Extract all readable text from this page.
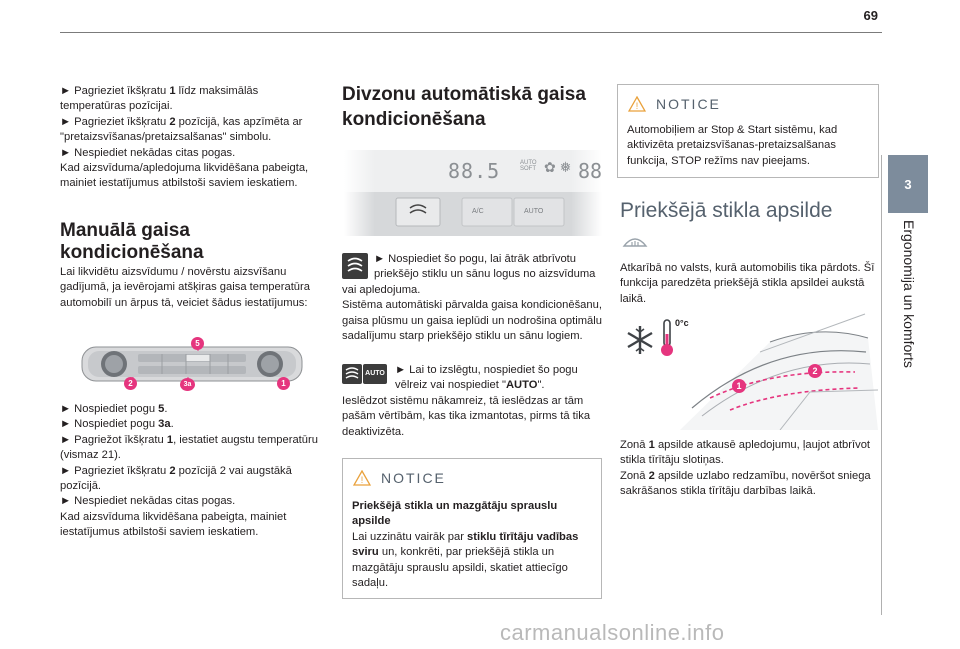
69
3
Ergonomija un komforts

► Pagrieziet īkšķratu 1 līdz maksimālās temperatūras pozīcijai.
► Pagrieziet īkšķratu 2 pozīcijā, kas apzīmēta ar "pretaizsvīšanas/pretaizsalšanas" simbolu.
► Nespiediet nekādas citas pogas.
Kad aizsvīduma/apledojuma likvidēšana pabeigta, mainiet iestatījumus atbilstoši saviem ieskatiem.

Manuālā gaisa

kondicionēšana

Lai likvidētu aizsvīdumu / novērstu aizsvīšanu gadījumā, ja ievērojami atšķiras gaisa temperatūra automobilī un ārpus tā, veiciet šādus iestatījumus:

5
2	3a	1

► Nospiediet pogu 5.
► Nospiediet pogu 3a.
► Pagriežot īkšķratu 1, iestatiet augstu temperatūru (vismaz 21).
► Pagrieziet īkšķratu 2 pozīcijā 2 vai augstākā pozīcijā.
► Nespiediet nekādas citas pogas.
Kad aizsvīduma likvidēšana pabeigta, mainiet iestatījumus atbilstoši saviem ieskatiem.

Divzonu automātiskā gaisa

kondicionēšana

88.5	AUTO
SOFT ✿ ❅ 88
A/C	AUTO

► Nospiediet šo pogu, lai ātrāk atbrīvotu priekšējo stiklu un sānu logus no aizsvīduma vai apledojuma.

Sistēma automātiski pārvalda gaisa kondicionēšanu, gaisa plūsmu un gaisa ieplūdi un nodrošina optimālu sadalījumu starp priekšējo stiklu un sānu logiem.

AUTO ► Lai to izslēgtu, nospiediet šo pogu vēlreiz vai nospiediet "AUTO".

Ieslēdzot sistēmu nākamreiz, tā ieslēdzas ar tām pašām vērtībām, kas tika izmantotas, pirms tā tika deaktivizēta.

! NOTICE

Priekšējā stikla un mazgātāju sprauslu apsilde

Lai uzzinātu vairāk par stiklu tīrītāju vadības sviru un, konkrēti, par priekšējā stikla un mazgātāju sprauslu apsildi, skatiet attiecīgo sadaļu.

! NOTICE

Automobiļiem ar Stop & Start sistēmu, kad aktivizēta pretaizsvīšanas-pretaizsalšanas funkcija, STOP režīms nav pieejams.

Priekšējā stikla apsilde

Atkarībā no valsts, kurā automobilis tika pārdots. Šī funkcija paredzēta priekšējā stikla apsildei aukstā laikā.

0°c
1
2

Zonā 1 apsilde atkausē apledojumu, ļaujot atbrīvot stikla tīrītāju slotiņas.
Zonā 2 apsilde uzlabo redzamību, novēršot sniega sakrāšanos stikla tīrītāju darbības laikā.

carmanualsonline.info
